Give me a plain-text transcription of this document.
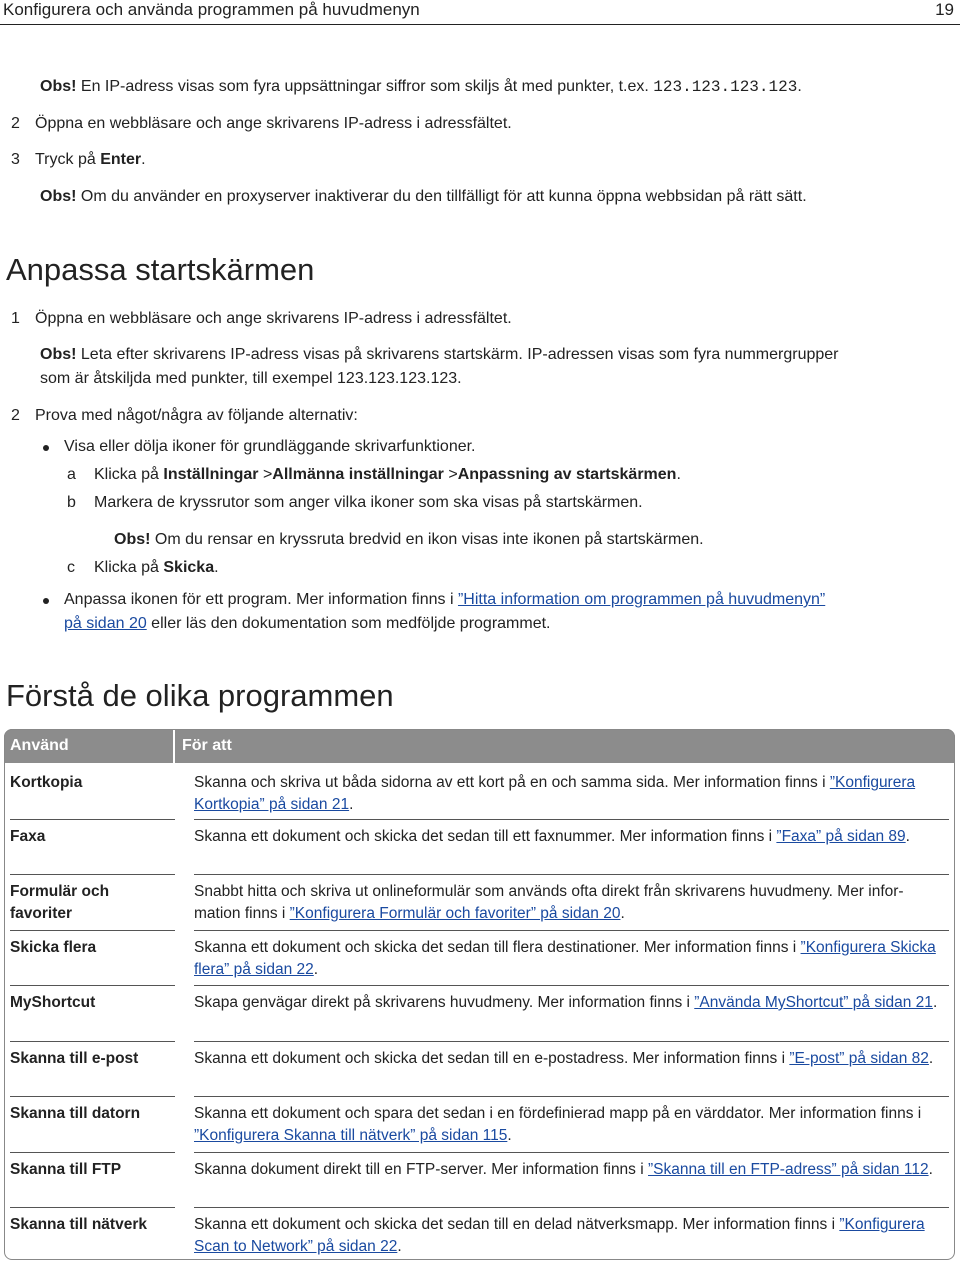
Konfigurera och använda programmen på huvudmenyn	19
Obs! En IP-adress visas som fyra uppsättningar siffror som skiljs åt med punkter, t.ex. 123.123.123.123.
2 Öppna en webbläsare och ange skrivarens IP-adress i adressfältet.
3 Tryck på Enter.
Obs! Om du använder en proxyserver inaktiverar du den tillfälligt för att kunna öppna webbsidan på rätt sätt.
Anpassa startskärmen
1 Öppna en webbläsare och ange skrivarens IP-adress i adressfältet.
Obs! Leta efter skrivarens IP-adress visas på skrivarens startskärm. IP-adressen visas som fyra nummergrupper
som är åtskiljda med punkter, till exempel 123.123.123.123.
2 Prova med något/några av följande alternativ:
Visa eller dölja ikoner för grundläggande skrivarfunktioner.
a Klicka på Inställningar >Allmänna inställningar >Anpassning av startskärmen.
b Markera de kryssrutor som anger vilka ikoner som ska visas på startskärmen.
Obs! Om du rensar en kryssruta bredvid en ikon visas inte ikonen på startskärmen.
c Klicka på Skicka.
Anpassa ikonen för ett program. Mer information finns i ”Hitta information om programmen på huvudmenyn”
på sidan 20 eller läs den dokumentation som medföljde programmet.
Förstå de olika programmen
Använd	För att

Kortkopia	Skanna och skriva ut båda sidorna av ett kort på en och samma sida. Mer information finns i ”Konfigurera Kortkopia” på sidan 21.

Faxa	Skanna ett dokument och skicka det sedan till ett faxnummer. Mer information finns i ”Faxa” på sidan 89.

Formulär och favoriter	Snabbt hitta och skriva ut onlineformulär som används ofta direkt från skrivarens huvudmeny. Mer infor-mation finns i ”Konfigurera Formulär och favoriter” på sidan 20.

Skicka flera	Skanna ett dokument och skicka det sedan till flera destinationer. Mer information finns i ”Konfigurera Skicka flera” på sidan 22.

MyShortcut	Skapa genvägar direkt på skrivarens huvudmeny. Mer information finns i ”Använda MyShortcut” på sidan 21.

Skanna till e-post	Skanna ett dokument och skicka det sedan till en e-postadress. Mer information finns i ”E-post” på sidan 82.

Skanna till datorn	Skanna ett dokument och spara det sedan i en fördefinierad mapp på en värddator. Mer information finns i ”Konfigurera Skanna till nätverk” på sidan 115.

Skanna till FTP	Skanna dokument direkt till en FTP-server. Mer information finns i ”Skanna till en FTP-adress” på sidan 112.

Skanna till nätverk	Skanna ett dokument och skicka det sedan till en delad nätverksmapp. Mer information finns i ”Konfigurera Scan to Network” på sidan 22.
